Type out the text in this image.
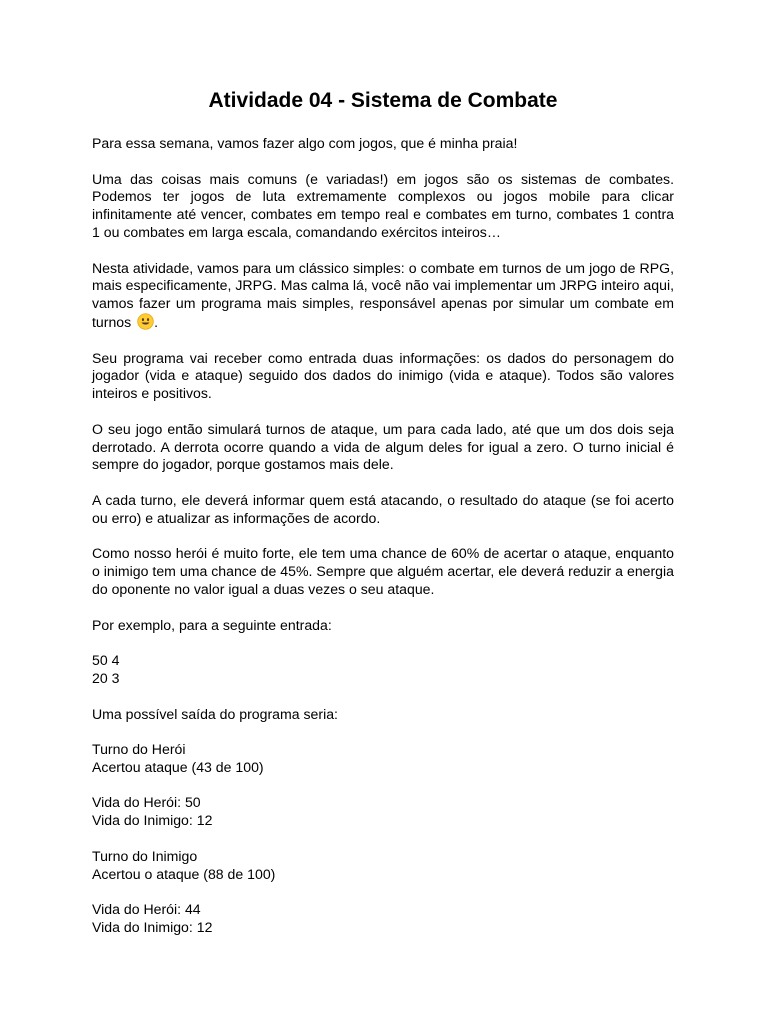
Atividade 04 - Sistema de Combate

Para essa semana, vamos fazer algo com jogos, que é minha praia!

Uma das coisas mais comuns (e variadas!) em jogos são os sistemas de combates. Podemos ter jogos de luta extremamente complexos ou jogos mobile para clicar infinitamente até vencer, combates em tempo real e combates em turno, combates 1 contra 1 ou combates em larga escala, comandando exércitos inteiros…

Nesta atividade, vamos para um clássico simples: o combate em turnos de um jogo de RPG, mais especificamente, JRPG. Mas calma lá, você não vai implementar um JRPG inteiro aqui, vamos fazer um programa mais simples, responsável apenas por simular um combate em turnos .

Seu programa vai receber como entrada duas informações: os dados do personagem do jogador (vida e ataque) seguido dos dados do inimigo (vida e ataque). Todos são valores inteiros e positivos.

O seu jogo então simulará turnos de ataque, um para cada lado, até que um dos dois seja derrotado. A derrota ocorre quando a vida de algum deles for igual a zero. O turno inicial é sempre do jogador, porque gostamos mais dele.

A cada turno, ele deverá informar quem está atacando, o resultado do ataque (se foi acerto ou erro) e atualizar as informações de acordo.

Como nosso herói é muito forte, ele tem uma chance de 60% de acertar o ataque, enquanto o inimigo tem uma chance de 45%. Sempre que alguém acertar, ele deverá reduzir a energia do oponente no valor igual a duas vezes o seu ataque.

Por exemplo, para a seguinte entrada:

50 4
20 3

Uma possível saída do programa seria:

Turno do Herói
Acertou ataque (43 de 100)

Vida do Herói: 50
Vida do Inimigo: 12

Turno do Inimigo
Acertou o ataque (88 de 100)

Vida do Herói: 44
Vida do Inimigo: 12
